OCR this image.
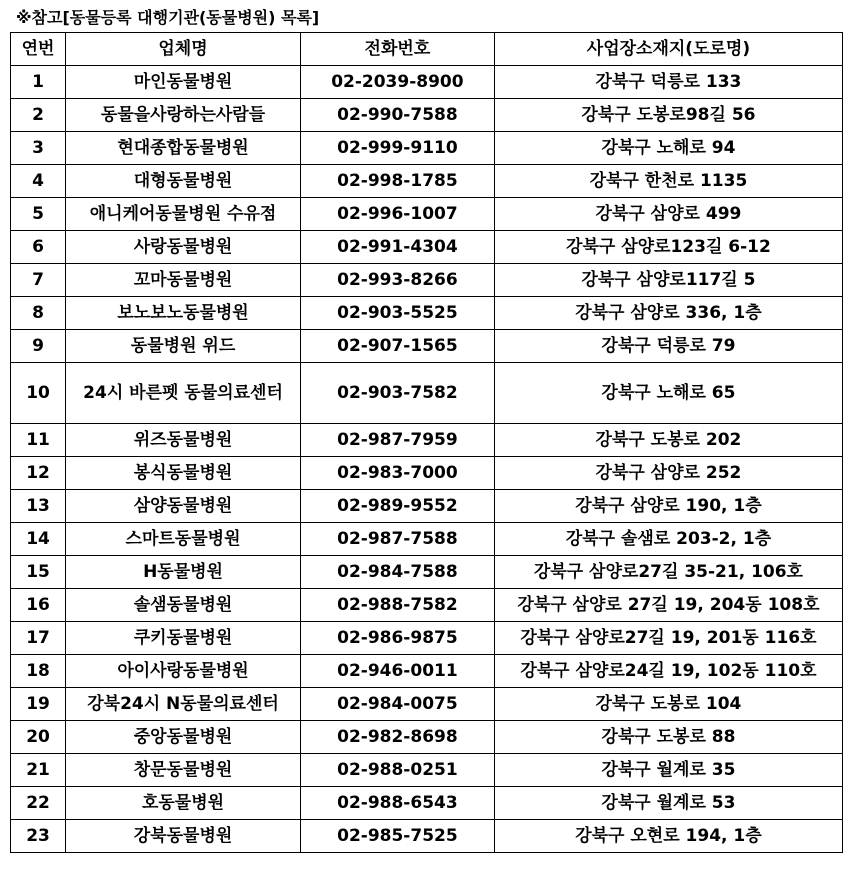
※참고[동물등록 대행기관(동물병원) 목록]
연번	업체명	전화번호	사업장소재지(도로명)
1	마인동물병원	02-2039-8900	강북구 덕릉로 133
2	동물을사랑하는사람들	02-990-7588	강북구 도봉로98길 56
3	현대종합동물병원	02-999-9110	강북구 노해로 94
4	대형동물병원	02-998-1785	강북구 한천로 1135
5	애니케어동물병원 수유점	02-996-1007	강북구 삼양로 499
6	사랑동물병원	02-991-4304	강북구 삼양로123길 6-12
7	꼬마동물병원	02-993-8266	강북구 삼양로117길 5
8	보노보노동물병원	02-903-5525	강북구 삼양로 336, 1층
9	동물병원 위드	02-907-1565	강북구 덕릉로 79
10	24시 바른펫 동물의료센터	02-903-7582	강북구 노해로 65
11	위즈동물병원	02-987-7959	강북구 도봉로 202
12	봉식동물병원	02-983-7000	강북구 삼양로 252
13	삼양동물병원	02-989-9552	강북구 삼양로 190, 1층
14	스마트동물병원	02-987-7588	강북구 솔샘로 203-2, 1층
15	H동물병원	02-984-7588	강북구 삼양로27길 35-21, 106호
16	솔샘동물병원	02-988-7582	강북구 삼양로 27길 19, 204동 108호
17	쿠키동물병원	02-986-9875	강북구 삼양로27길 19, 201동 116호
18	아이사랑동물병원	02-946-0011	강북구 삼양로24길 19, 102동 110호
19	강북24시 N동물의료센터	02-984-0075	강북구 도봉로 104
20	중앙동물병원	02-982-8698	강북구 도봉로 88
21	창문동물병원	02-988-0251	강북구 월계로 35
22	호동물병원	02-988-6543	강북구 월계로 53
23	강북동물병원	02-985-7525	강북구 오현로 194, 1층
